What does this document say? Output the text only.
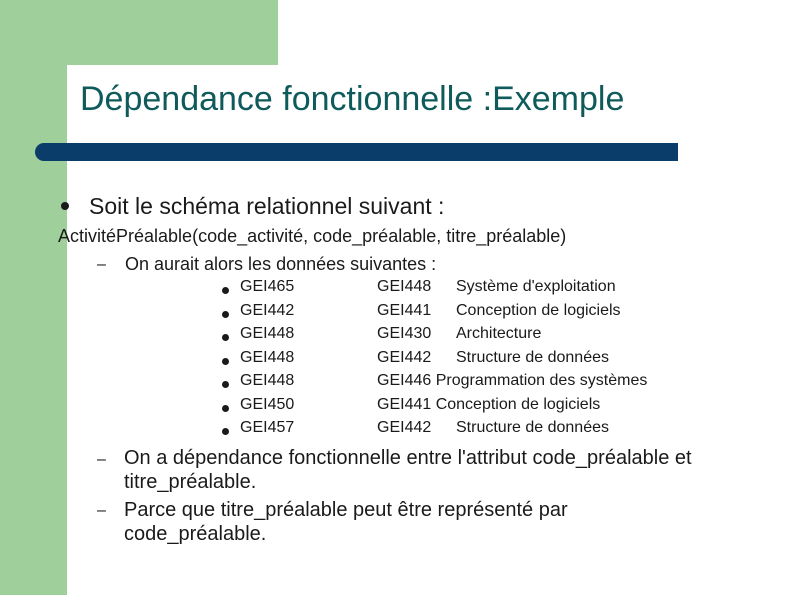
Dépendance fonctionnelle :Exemple
Soit le schéma relationnel suivant :
ActivitéPréalable(code_activité, code_préalable, titre_préalable)
– On aurait alors les données suivantes :
GEI465	GEI448 Système d'exploitation
GEI442	GEI441 Conception de logiciels
GEI448	GEI430 Architecture
GEI448	GEI442 Structure de données
GEI448	GEI446 Programmation des systèmes
GEI450	GEI441 Conception de logiciels
GEI457	GEI442 Structure de données
– On a dépendance fonctionnelle entre l'attribut code_préalable et titre_préalable.
– Parce que titre_préalable peut être représenté par code_préalable.
